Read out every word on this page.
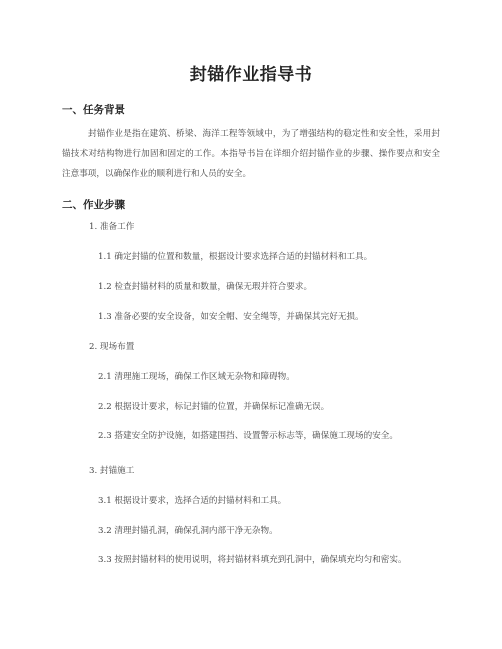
封锚作业指导书
一、任务背景
封锚作业是指在建筑、桥梁、海洋工程等领域中，为了增强结构的稳定性和安全性，采用封锚技术对结构物进行加固和固定的工作。本指导书旨在详细介绍封锚作业的步骤、操作要点和安全注意事项，以确保作业的顺利进行和人员的安全。
二、作业步骤
1. 准备工作
1.1 确定封锚的位置和数量，根据设计要求选择合适的封锚材料和工具。
1.2 检查封锚材料的质量和数量，确保无瑕并符合要求。
1.3 准备必要的安全设备，如安全帽、安全绳等，并确保其完好无损。
2. 现场布置
2.1 清理施工现场，确保工作区域无杂物和障碍物。
2.2 根据设计要求，标记封锚的位置，并确保标记准确无误。
2.3 搭建安全防护设施，如搭建围挡、设置警示标志等，确保施工现场的安全。
3. 封锚施工
3.1 根据设计要求，选择合适的封锚材料和工具。
3.2 清理封锚孔洞，确保孔洞内部干净无杂物。
3.3 按照封锚材料的使用说明，将封锚材料填充到孔洞中，确保填充均匀和密实。
